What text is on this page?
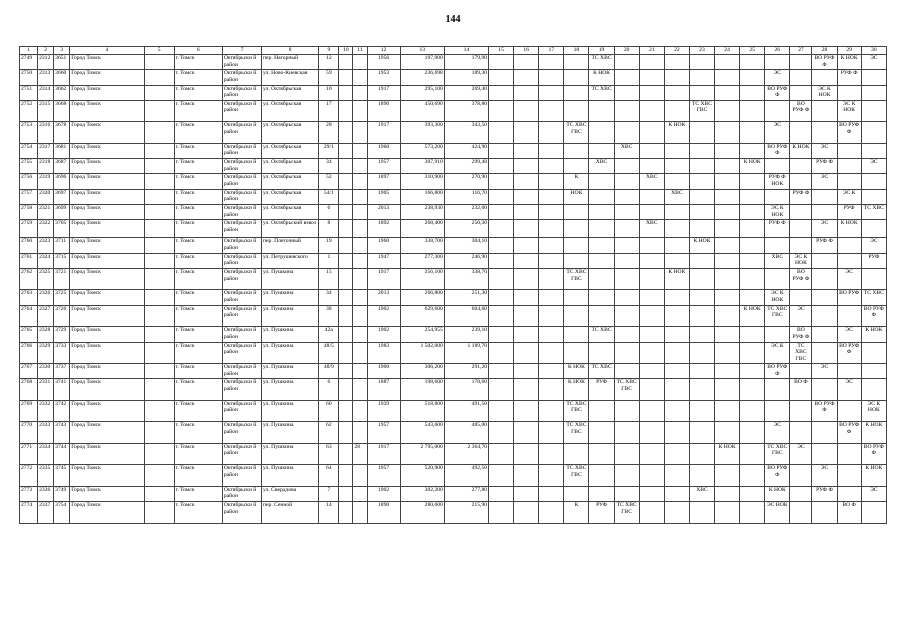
144
1	2	3	4	5	6	7	8	9	10	11	12	13	14	15	16	17	18	19	20	21	22	23	24	25	26	27	28	29	30
2749	2312	3651	Город Томск		г. Томск	Октябрьски й район	пер. Нагорный	12			1956	197,900	179,90					ТС ХВС									ВО РУФ Ф	К НОК	ЭС
2750	2313	3660	Город Томск		г. Томск	Октябрьски й район	ул. Ново-Киевская	59			1953	236,698	189,30					К НОК							ЭС			РУФ Ф	
2751	2314	3662	Город Томск		г. Томск	Октябрьски й район	ул. Октябрьская	10			1917	295,100	269,40					ТС ХВС							ВО РУФ Ф		ЭС К НОК		
2752	2315	3668	Город Томск		г. Томск	Октябрьски й район	ул. Октябрьская	17			1890	450,690	378,80									ТС ХВС ГВС				ВО РУФ Ф		ЭС К НОК	
2753	2316	3678	Город Томск		г. Томск	Октябрьски й район	ул. Октябрьская	28			1917	393,300	343,50				ТС ХВС ГВС				К НОК				ЭС			ВО РУФ Ф	
2754	2317	3681	Город Томск		г. Томск	Октябрьски й район	ул. Октябрьская	29/1			1960	573,200	424,90						ХВС						ВО РУФ Ф	К НОК	ЭС		
2755	2318	3687	Город Томск		г. Томск	Октябрьски й район	ул. Октябрьская	34			1957	307,910	299,48					ХВС						К НОК			РУФ Ф		ЭС
2756	2319	3696	Город Томск		г. Томск	Октябрьски й район	ул. Октябрьская	52			1897	310,900	270,90				К			ХВС					РУФ Ф НОК		ЭС		
2757	2320	3697	Город Томск		г. Томск	Октябрьски й район	ул. Октябрьская	54/1			1905	166,800	116,70				НОК				ХВС					РУФ Ф		ЭС К	
2758	2321	3699	Город Томск		г. Томск	Октябрьски й район	ул. Октябрьская	6			2013	238,930	232,00												ЭС К НОК			РУФ	ТС ХВС
2759	2322	3705	Город Томск		г. Томск	Октябрьски й район	ул. Октябрьский взвоз	8			1892	268,400	250,30							ХВС					РУФ Ф		ЭС	К НОК	
2760	2323	3711	Город Томск		г. Томск	Октябрьски й район	пер. Плеточный	19			1960	338,700	304,10									К НОК					РУФ Ф		ЭС
2761	2324	3715	Город Томск		г. Томск	Октябрьски й район	ул. Петрушевского	1			1947	277,300	246,90												ХВС	ЭС К НОК			РУФ
2762	2325	3721	Город Томск		г. Томск	Октябрьски й район	ул. Пушкина	15			1917	356,100	338,70				ТС ХВС ГВС				К НОК					ВО РУФ Ф		ЭС	
2763	2326	3725	Город Томск		г. Томск	Октябрьски й район	ул. Пушкина	34			2013	266,800	251,30												ЭС К НОК			ВО РУФ	ТС ХВС
2764	2327	3726	Город Томск		г. Томск	Октябрьски й район	ул. Пушкина	38			1902	629,600	604,60											К НОК	ТС ХВС ГВС	ЭС			ВО РУФ Ф
2765	2328	3729	Город Томск		г. Томск	Октябрьски й район	ул. Пушкина	42а			1902	254,955	239,10					ТС ХВС								ВО РУФ Ф		ЭС	К НОК
2766	2329	3733	Город Томск		г. Томск	Октябрьски й район	ул. Пушкина	48/5			1983	1 502,000	1 189,70												ЭС К	ТС ХВС ГВС		ВО РУФ Ф	
2767	2330	3737	Город Томск		г. Томск	Октябрьски й район	ул. Пушкина	48/9			1900	306,200	291,20				К НОК	ТС ХВС							ВО РУФ Ф		ЭС		
2768	2331	3741	Город Томск		г. Томск	Октябрьски й район	ул. Пушкина	6			1887	198,600	178,60				К НОК	РУФ	ТС ХВС ГВС							ВО Ф		ЭС	
2769	2332	3742	Город Томск		г. Томск	Октябрьски й район	ул. Пушкина	60			1939	518,800	491,50				ТС ХВС ГВС										ВО РУФ Ф		ЭС К НОК
2770	2333	3743	Город Томск		г. Томск	Октябрьски й район	ул. Пушкина	62			1957	543,600	485,00				ТС ХВС ГВС								ЭС			ВО РУФ Ф	К НОК
2771	2334	3744	Город Томск		г. Томск	Октябрьски й район	ул. Пушкина	63		28	1917	2 795,000	2 364,70										К НОК		ТС ХВС ГВС	ЭС			ВО РУФ Ф
2772	2335	3745	Город Томск		г. Томск	Октябрьски й район	ул. Пушкина	64			1957	520,900	492,50				ТС ХВС ГВС								ВО РУФ Ф		ЭС		К НОК
2773	2336	3749	Город Томск		г. Томск	Октябрьски й район	ул. Свердлова	7			1902	302,200	277,80									ХВС			К НОК		РУФ Ф		ЭС
2774	2337	3754	Город Томск		г. Томск	Октябрьски й район	пер. Сенной	14			1890	280,600	215,90				К	РУФ	ТС ХВС ГВС						ЭС НОК			ВО Ф	
